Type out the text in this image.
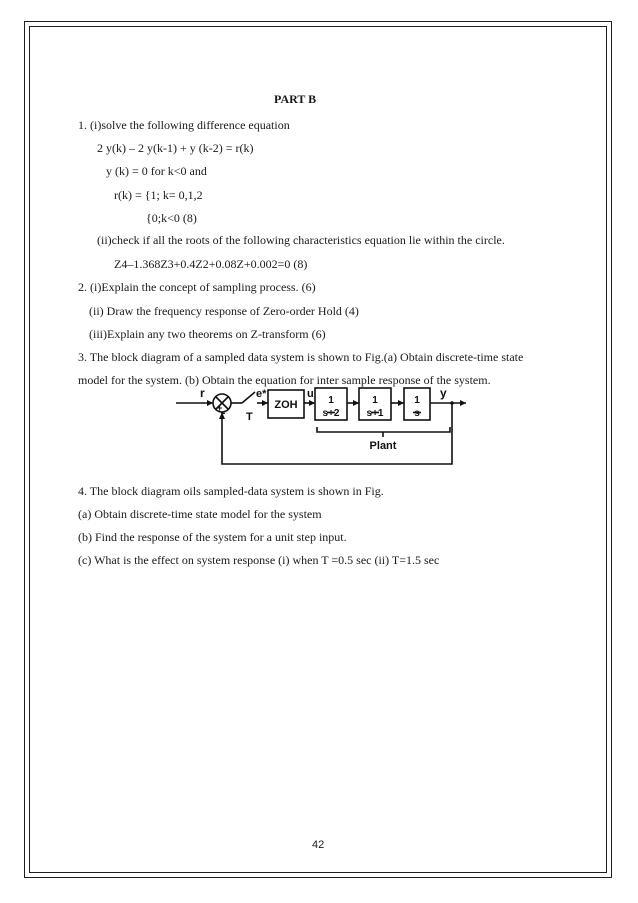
PART B
1. (i)solve the following difference equation
2 y(k) – 2 y(k-1) + y (k-2) = r(k)
y (k) = 0 for k<0 and
r(k) = {1; k= 0,1,2
{0;k<0 (8)
(ii)check if all the roots of the following characteristics equation lie within the circle.
Z4–1.368Z3+0.4Z2+0.08Z+0.002=0 (8)
2. (i)Explain the concept of sampling process. (6)
(ii) Draw the frequency response of Zero-order Hold (4)
(iii)Explain any two theorems on Z-transform (6)
3. The block diagram of a sampled data system is shown to Fig.(a) Obtain discrete-time state
model for the system. (b) Obtain the equation for inter sample response of the system.
r
+ -
e*
T
ZOH
u
1
s+2
1
s+1
1
s
y
Plant
4. The block diagram oils sampled-data system is shown in Fig.
(a) Obtain discrete-time state model for the system
(b) Find the response of the system for a unit step input.
(c) What is the effect on system response (i) when T =0.5 sec (ii) T=1.5 sec
42
